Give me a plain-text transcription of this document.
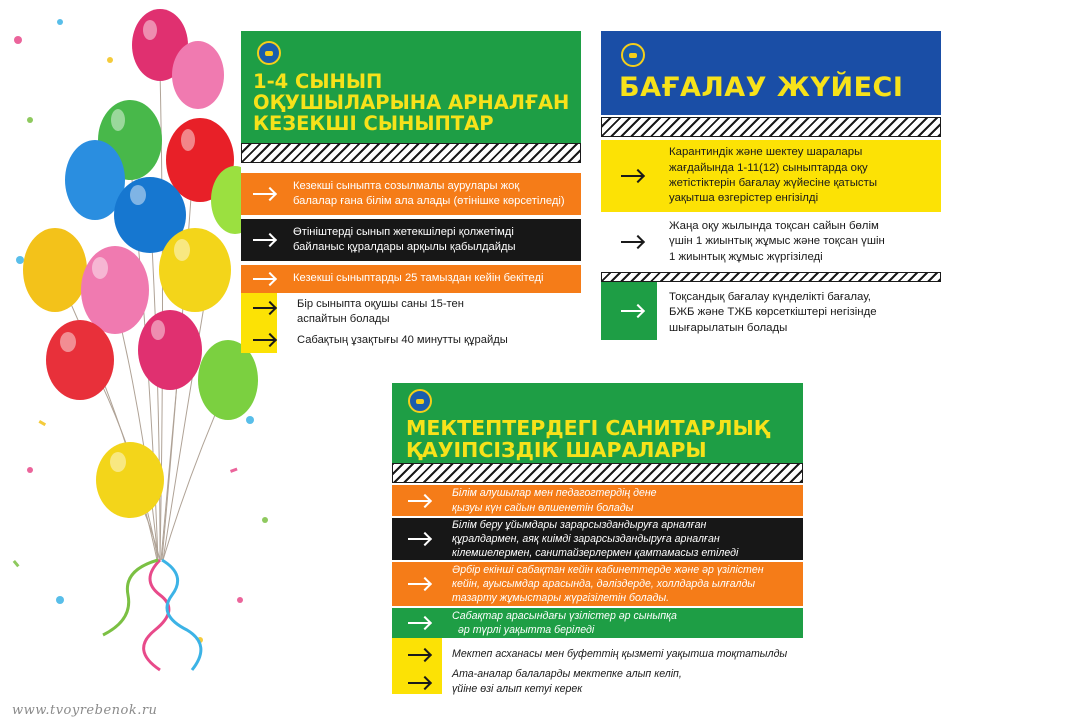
www.tvoyrebenok.ru
1-4 СЫНЫП
ОҚУШЫЛАРЫНА АРНАЛҒАН
КЕЗЕКШІ СЫНЫПТАР
Кезекші сыныпта созылмалы аурулары жоқ
балалар ғана білім ала алады (өтінішке көрсетіледі)
Өтініштерді сынып жетекшілері қолжетімді
байланыс құралдары арқылы қабылдайды
Кезекші сыныптарды 25 тамыздан кейін бекітеді
Бір сыныпта оқушы саны 15-тен
аспайтын болады
Сабақтың ұзақтығы 40 минутты құрайды
БАҒАЛАУ ЖҮЙЕСІ
Карантиндік және шектеу шаралары
жағдайында 1-11(12) сыныптарда оқу
жетістіктерін бағалау жүйесіне қатысты
уақытша өзгерістер енгізілді
Жаңа оқу жылында тоқсан сайын бөлім
үшін 1 жиынтық жұмыс және тоқсан үшін
1 жиынтық жұмыс жүргізіледі
Тоқсандық бағалау күнделікті бағалау,
БЖБ және ТЖБ көрсеткіштері негізінде
шығарылатын болады
МЕКТЕПТЕРДЕГІ САНИТАРЛЫҚ
ҚАУІПСІЗДІК ШАРАЛАРЫ
Білім алушылар мен педагогтердің дене
қызуы күн сайын өлшенетін болады
Білім беру ұйымдары зарарсыздандыруға арналған
құралдармен, аяқ киімді зарарсыздандыруға арналған
кілемшелермен, санитайзерлермен қамтамасыз етіледі
Әрбір екінші сабақтан кейін кабинеттерде және әр үзілістен
кейін, ауысымдар арасында, дәліздерде, холлдарда ылғалды
тазарту жұмыстары жүргізілетін болады.
Сабақтар арасындағы үзілістер әр сыныпқа
әр түрлі уақытта беріледі
Мектеп асханасы мен буфеттің қызметі уақытша тоқтатылды
Ата-аналар балаларды мектепке алып келіп,
үйіне өзі алып кетуі керек
